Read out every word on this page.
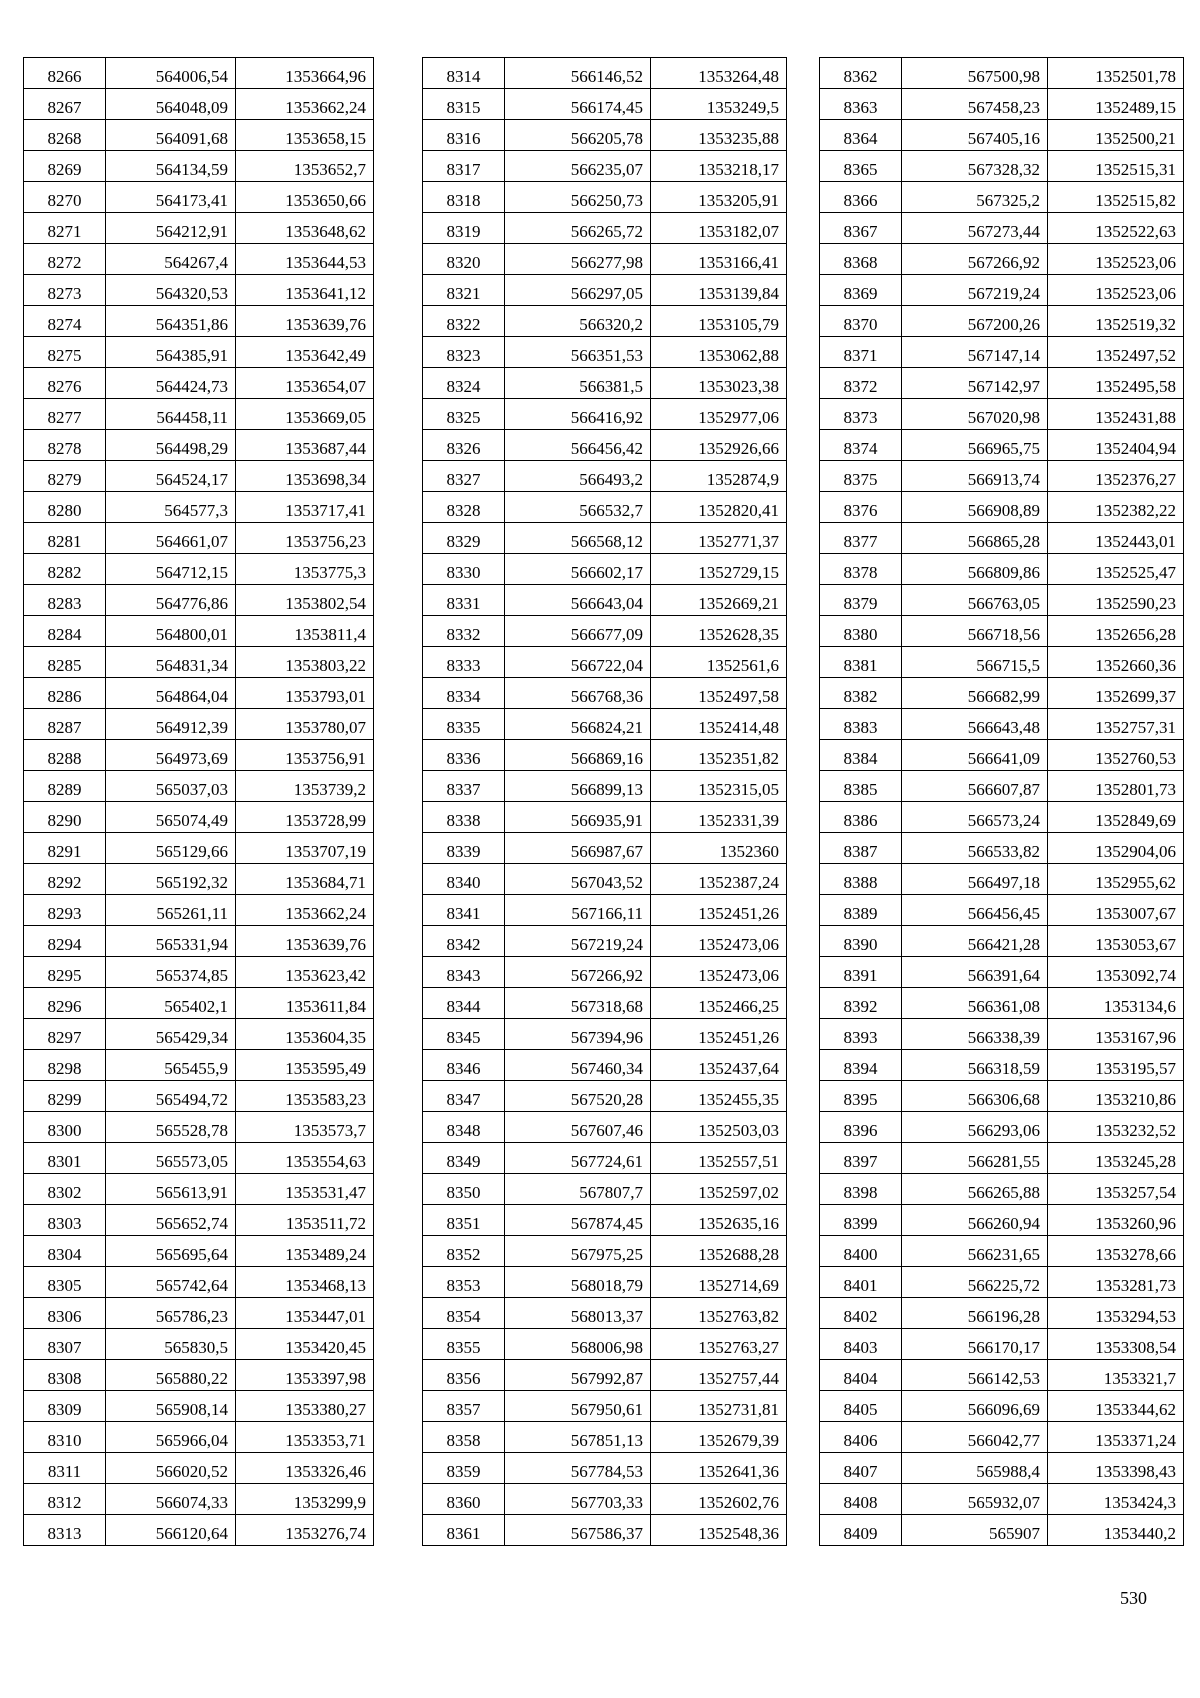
8266	564006,54	1353664,96
8267	564048,09	1353662,24
8268	564091,68	1353658,15
8269	564134,59	1353652,7
8270	564173,41	1353650,66
8271	564212,91	1353648,62
8272	564267,4	1353644,53
8273	564320,53	1353641,12
8274	564351,86	1353639,76
8275	564385,91	1353642,49
8276	564424,73	1353654,07
8277	564458,11	1353669,05
8278	564498,29	1353687,44
8279	564524,17	1353698,34
8280	564577,3	1353717,41
8281	564661,07	1353756,23
8282	564712,15	1353775,3
8283	564776,86	1353802,54
8284	564800,01	1353811,4
8285	564831,34	1353803,22
8286	564864,04	1353793,01
8287	564912,39	1353780,07
8288	564973,69	1353756,91
8289	565037,03	1353739,2
8290	565074,49	1353728,99
8291	565129,66	1353707,19
8292	565192,32	1353684,71
8293	565261,11	1353662,24
8294	565331,94	1353639,76
8295	565374,85	1353623,42
8296	565402,1	1353611,84
8297	565429,34	1353604,35
8298	565455,9	1353595,49
8299	565494,72	1353583,23
8300	565528,78	1353573,7
8301	565573,05	1353554,63
8302	565613,91	1353531,47
8303	565652,74	1353511,72
8304	565695,64	1353489,24
8305	565742,64	1353468,13
8306	565786,23	1353447,01
8307	565830,5	1353420,45
8308	565880,22	1353397,98
8309	565908,14	1353380,27
8310	565966,04	1353353,71
8311	566020,52	1353326,46
8312	566074,33	1353299,9
8313	566120,64	1353276,74
8314	566146,52	1353264,48
8315	566174,45	1353249,5
8316	566205,78	1353235,88
8317	566235,07	1353218,17
8318	566250,73	1353205,91
8319	566265,72	1353182,07
8320	566277,98	1353166,41
8321	566297,05	1353139,84
8322	566320,2	1353105,79
8323	566351,53	1353062,88
8324	566381,5	1353023,38
8325	566416,92	1352977,06
8326	566456,42	1352926,66
8327	566493,2	1352874,9
8328	566532,7	1352820,41
8329	566568,12	1352771,37
8330	566602,17	1352729,15
8331	566643,04	1352669,21
8332	566677,09	1352628,35
8333	566722,04	1352561,6
8334	566768,36	1352497,58
8335	566824,21	1352414,48
8336	566869,16	1352351,82
8337	566899,13	1352315,05
8338	566935,91	1352331,39
8339	566987,67	1352360
8340	567043,52	1352387,24
8341	567166,11	1352451,26
8342	567219,24	1352473,06
8343	567266,92	1352473,06
8344	567318,68	1352466,25
8345	567394,96	1352451,26
8346	567460,34	1352437,64
8347	567520,28	1352455,35
8348	567607,46	1352503,03
8349	567724,61	1352557,51
8350	567807,7	1352597,02
8351	567874,45	1352635,16
8352	567975,25	1352688,28
8353	568018,79	1352714,69
8354	568013,37	1352763,82
8355	568006,98	1352763,27
8356	567992,87	1352757,44
8357	567950,61	1352731,81
8358	567851,13	1352679,39
8359	567784,53	1352641,36
8360	567703,33	1352602,76
8361	567586,37	1352548,36
8362	567500,98	1352501,78
8363	567458,23	1352489,15
8364	567405,16	1352500,21
8365	567328,32	1352515,31
8366	567325,2	1352515,82
8367	567273,44	1352522,63
8368	567266,92	1352523,06
8369	567219,24	1352523,06
8370	567200,26	1352519,32
8371	567147,14	1352497,52
8372	567142,97	1352495,58
8373	567020,98	1352431,88
8374	566965,75	1352404,94
8375	566913,74	1352376,27
8376	566908,89	1352382,22
8377	566865,28	1352443,01
8378	566809,86	1352525,47
8379	566763,05	1352590,23
8380	566718,56	1352656,28
8381	566715,5	1352660,36
8382	566682,99	1352699,37
8383	566643,48	1352757,31
8384	566641,09	1352760,53
8385	566607,87	1352801,73
8386	566573,24	1352849,69
8387	566533,82	1352904,06
8388	566497,18	1352955,62
8389	566456,45	1353007,67
8390	566421,28	1353053,67
8391	566391,64	1353092,74
8392	566361,08	1353134,6
8393	566338,39	1353167,96
8394	566318,59	1353195,57
8395	566306,68	1353210,86
8396	566293,06	1353232,52
8397	566281,55	1353245,28
8398	566265,88	1353257,54
8399	566260,94	1353260,96
8400	566231,65	1353278,66
8401	566225,72	1353281,73
8402	566196,28	1353294,53
8403	566170,17	1353308,54
8404	566142,53	1353321,7
8405	566096,69	1353344,62
8406	566042,77	1353371,24
8407	565988,4	1353398,43
8408	565932,07	1353424,3
8409	565907	1353440,2
530
